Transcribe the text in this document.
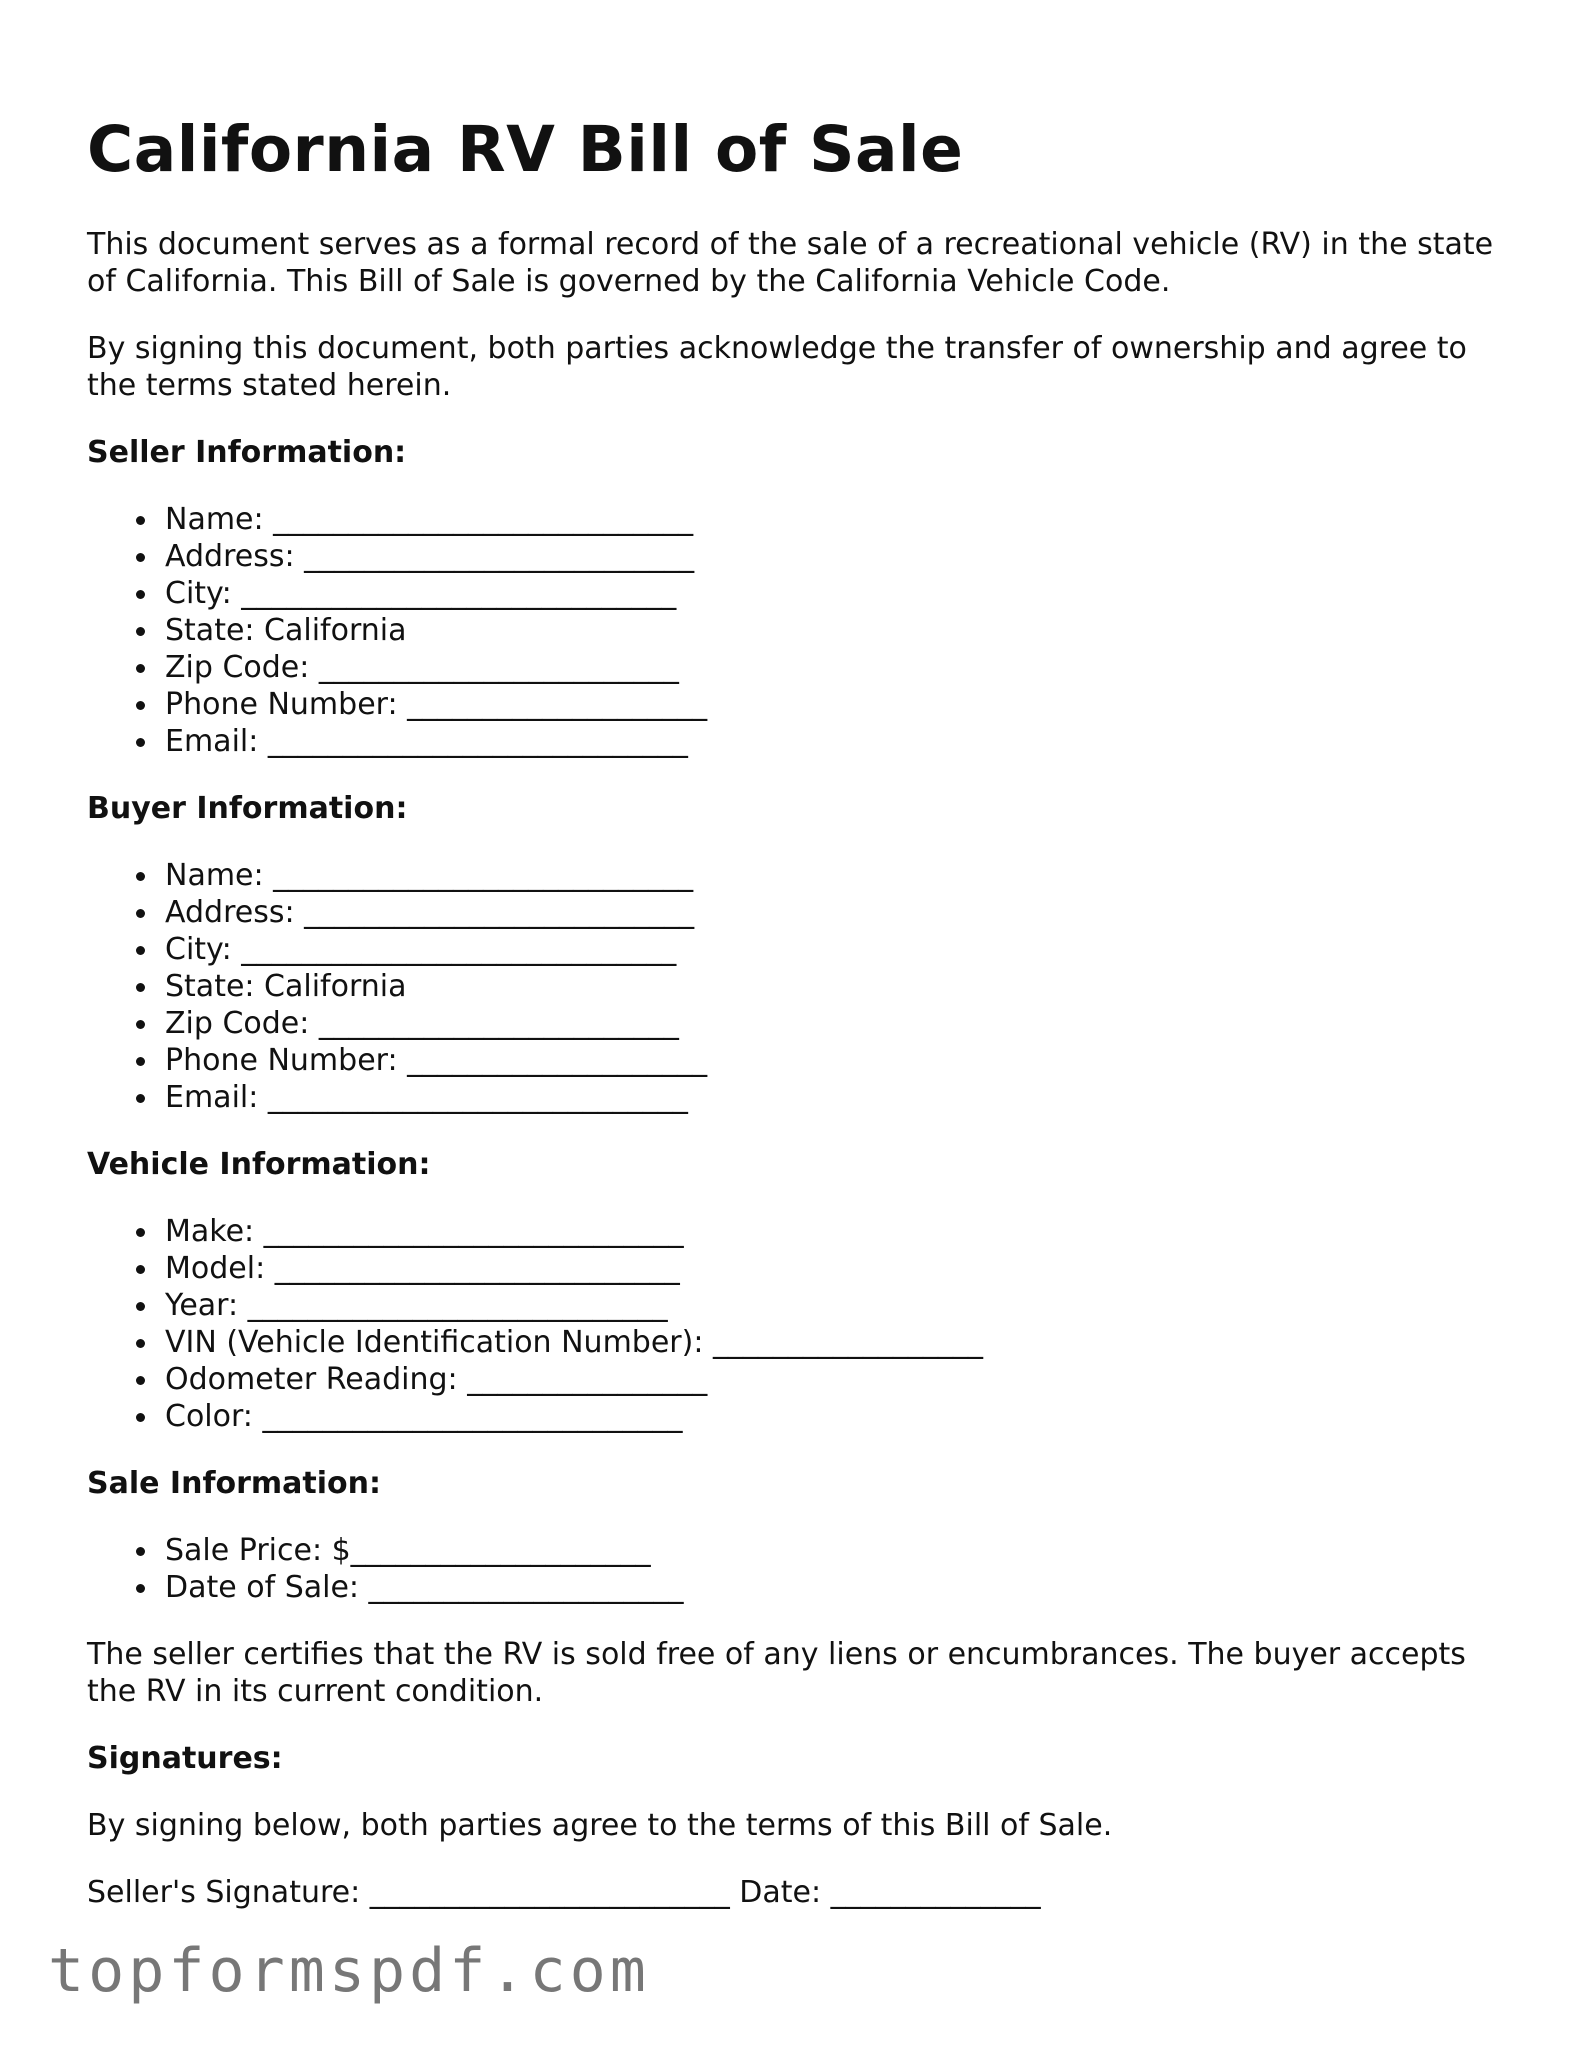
California RV Bill of Sale

This document serves as a formal record of the sale of a recreational vehicle (RV) in the state of California. This Bill of Sale is governed by the California Vehicle Code.

By signing this document, both parties acknowledge the transfer of ownership and agree to the terms stated herein.

Seller Information:
Name: ____________________________
Address: __________________________
City: _____________________________
State: California
Zip Code: ________________________
Phone Number: ____________________
Email: ____________________________
Buyer Information:
Name: ____________________________
Address: __________________________
City: _____________________________
State: California
Zip Code: ________________________
Phone Number: ____________________
Email: ____________________________
Vehicle Information:
Make: ____________________________
Model: ___________________________
Year: ____________________________
VIN (Vehicle Identification Number): __________________
Odometer Reading: ________________
Color: ____________________________
Sale Information:
Sale Price: $____________________
Date of Sale: _____________________

The seller certifies that the RV is sold free of any liens or encumbrances. The buyer accepts the RV in its current condition.

Signatures:

By signing below, both parties agree to the terms of this Bill of Sale.

Seller's Signature: ________________________ Date: ______________
topformspdf.com
